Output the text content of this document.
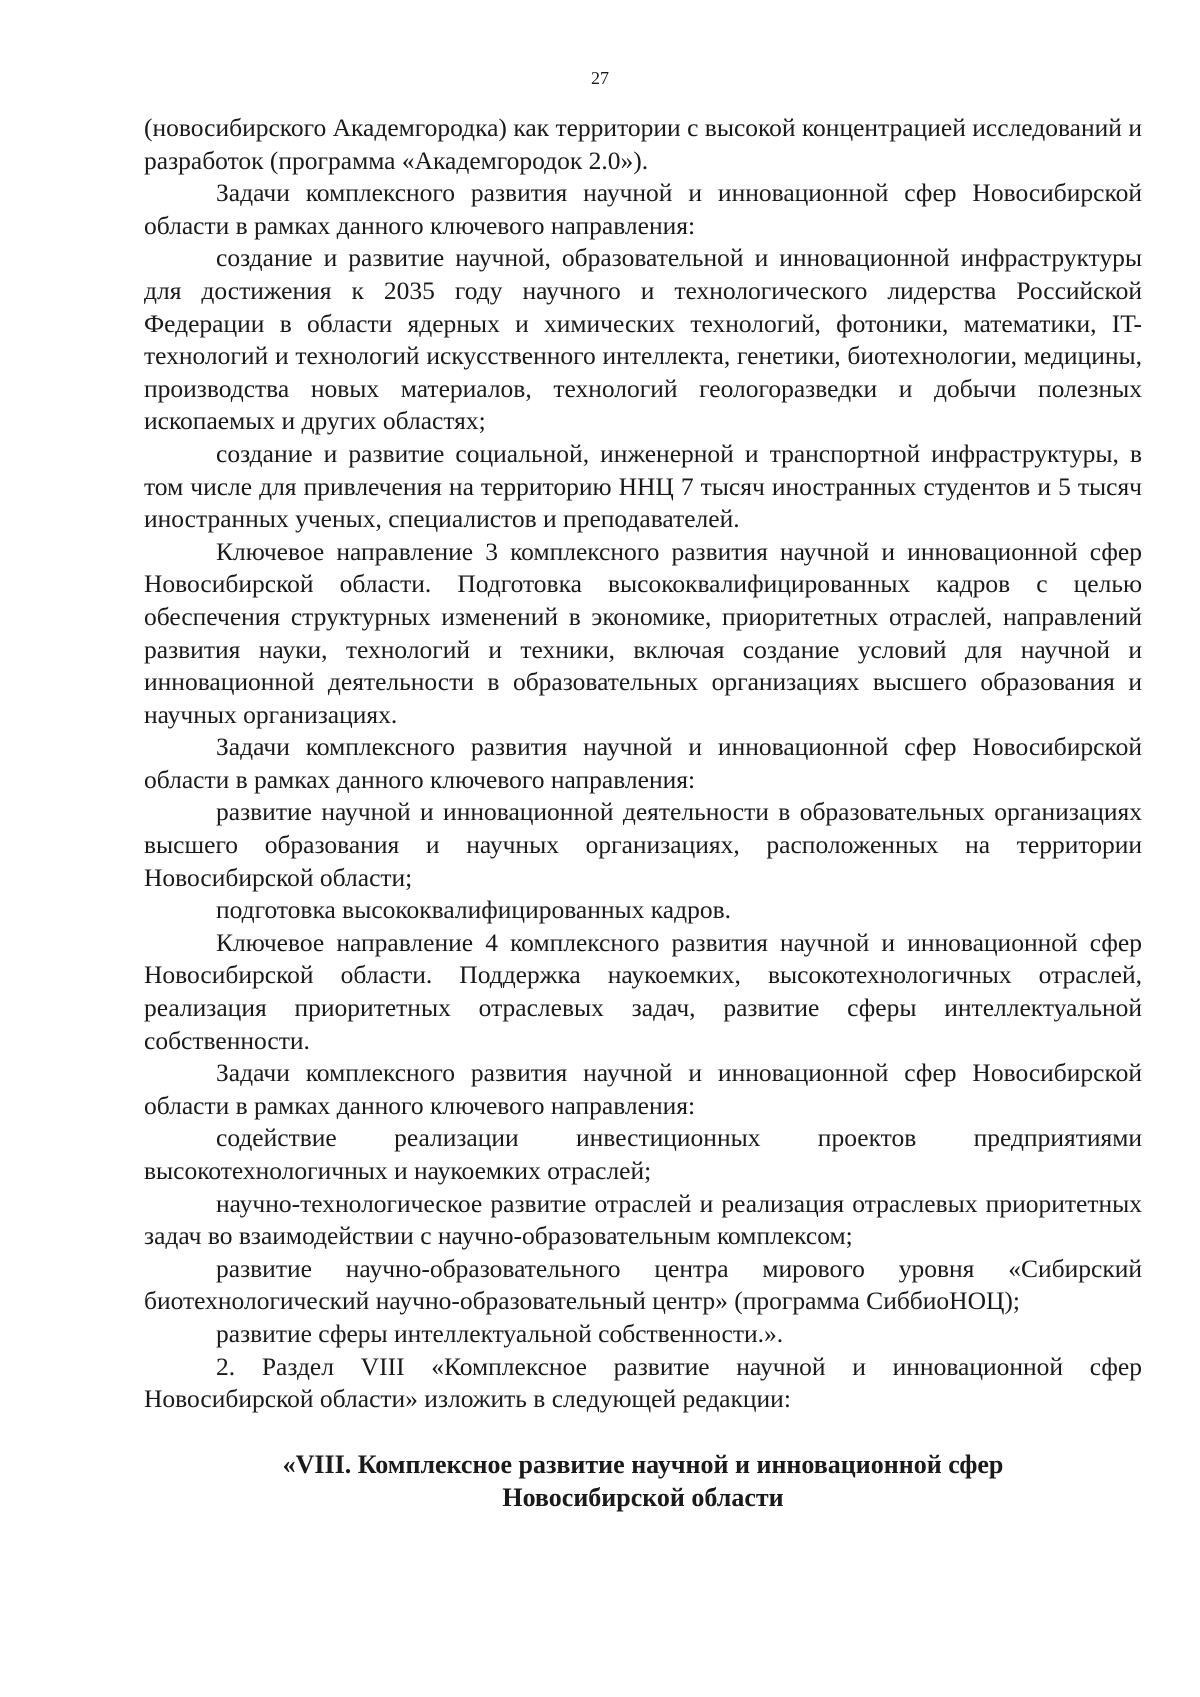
27

(новосибирского Академгородка) как территории с высокой концентрацией исследований и разработок (программа «Академгородок 2.0»).

Задачи комплексного развития научной и инновационной сфер Новосибирской области в рамках данного ключевого направления:

создание и развитие научной, образовательной и инновационной инфраструктуры для достижения к 2035 году научного и технологического лидерства Российской Федерации в области ядерных и химических технологий, фотоники, математики, IT-технологий и технологий искусственного интеллекта, генетики, биотехнологии, медицины, производства новых материалов, технологий геологоразведки и добычи полезных ископаемых и других областях;

создание и развитие социальной, инженерной и транспортной инфраструктуры, в том числе для привлечения на территорию ННЦ 7 тысяч иностранных студентов и 5 тысяч иностранных ученых, специалистов и преподавателей.

Ключевое направление 3 комплексного развития научной и инновационной сфер Новосибирской области. Подготовка высококвалифицированных кадров с целью обеспечения структурных изменений в экономике, приоритетных отраслей, направлений развития науки, технологий и техники, включая создание условий для научной и инновационной деятельности в образовательных организациях высшего образования и научных организациях.

Задачи комплексного развития научной и инновационной сфер Новосибирской области в рамках данного ключевого направления:

развитие научной и инновационной деятельности в образовательных организациях высшего образования и научных организациях, расположенных на территории Новосибирской области;

подготовка высококвалифицированных кадров.

Ключевое направление 4 комплексного развития научной и инновационной сфер Новосибирской области. Поддержка наукоемких, высокотехнологичных отраслей, реализация приоритетных отраслевых задач, развитие сферы интеллектуальной собственности.

Задачи комплексного развития научной и инновационной сфер Новосибирской области в рамках данного ключевого направления:

содействие реализации инвестиционных проектов предприятиями высокотехнологичных и наукоемких отраслей;

научно-технологическое развитие отраслей и реализация отраслевых приоритетных задач во взаимодействии с научно-образовательным комплексом;

развитие научно-образовательного центра мирового уровня «Сибирский биотехнологический научно-образовательный центр» (программа СиббиоНОЦ);

развитие сферы интеллектуальной собственности.».

2. Раздел VIII «Комплексное развитие научной и инновационной сфер Новосибирской области» изложить в следующей редакции:

«VIII. Комплексное развитие научной и инновационной сфер
Новосибирской области
